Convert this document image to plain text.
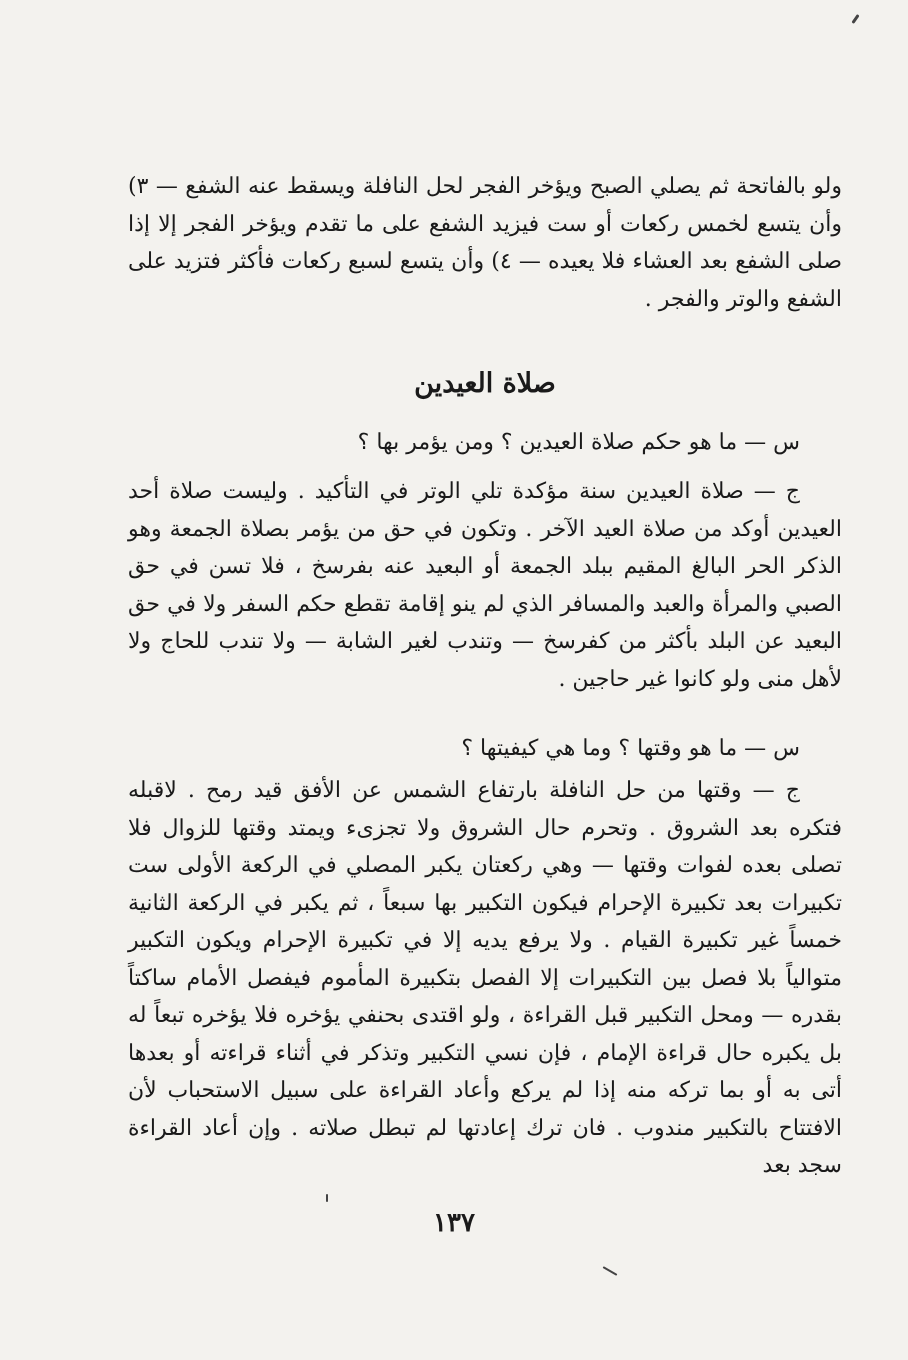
ولو بالفاتحة ثم يصلي الصبح ويؤخر الفجر لحل النافلة ويسقط عنه الشفع — ٣) وأن يتسع لخمس ركعات أو ست فيزيد الشفع على ما تقدم ويؤخر الفجر إلا إذا صلى الشفع بعد العشاء فلا يعيده — ٤) وأن يتسع لسبع ركعات فأكثر فتزيد على الشفع والوتر والفجر .
صلاة العيدين
س — ما هو حكم صلاة العيدين ؟ ومن يؤمر بها ؟
ج — صلاة العيدين سنة مؤكدة تلي الوتر في التأكيد . وليست صلاة أحد العيدين أوكد من صلاة العيد الآخر . وتكون في حق من يؤمر بصلاة الجمعة وهو الذكر الحر البالغ المقيم ببلد الجمعة أو البعيد عنه بفرسخ ، فلا تسن في حق الصبي والمرأة والعبد والمسافر الذي لم ينو إقامة تقطع حكم السفر ولا في حق البعيد عن البلد بأكثر من كفرسخ — وتندب لغير الشابة — ولا تندب للحاج ولا لأهل منى ولو كانوا غير حاجين .
س — ما هو وقتها ؟ وما هي كيفيتها ؟
ج — وقتها من حل النافلة بارتفاع الشمس عن الأفق قيد رمح . لاقبله فتكره بعد الشروق . وتحرم حال الشروق ولا تجزىء ويمتد وقتها للزوال فلا تصلى بعده لفوات وقتها — وهي ركعتان يكبر المصلي في الركعة الأولى ست تكبيرات بعد تكبيرة الإحرام فيكون التكبير بها سبعاً ، ثم يكبر في الركعة الثانية خمساً غير تكبيرة القيام . ولا يرفع يديه إلا في تكبيرة الإحرام ويكون التكبير متوالياً بلا فصل بين التكبيرات إلا الفصل بتكبيرة المأموم فيفصل الأمام ساكتاً بقدره — ومحل التكبير قبل القراءة ، ولو اقتدى بحنفي يؤخره فلا يؤخره تبعاً له بل يكبره حال قراءة الإمام ، فإن نسي التكبير وتذكر في أثناء قراءته أو بعدها أتى به أو بما تركه منه إذا لم يركع وأعاد القراءة على سبيل الاستحباب لأن الافتتاح بالتكبير مندوب . فان ترك إعادتها لم تبطل صلاته . وإن أعاد القراءة سجد بعد
١٣٧
